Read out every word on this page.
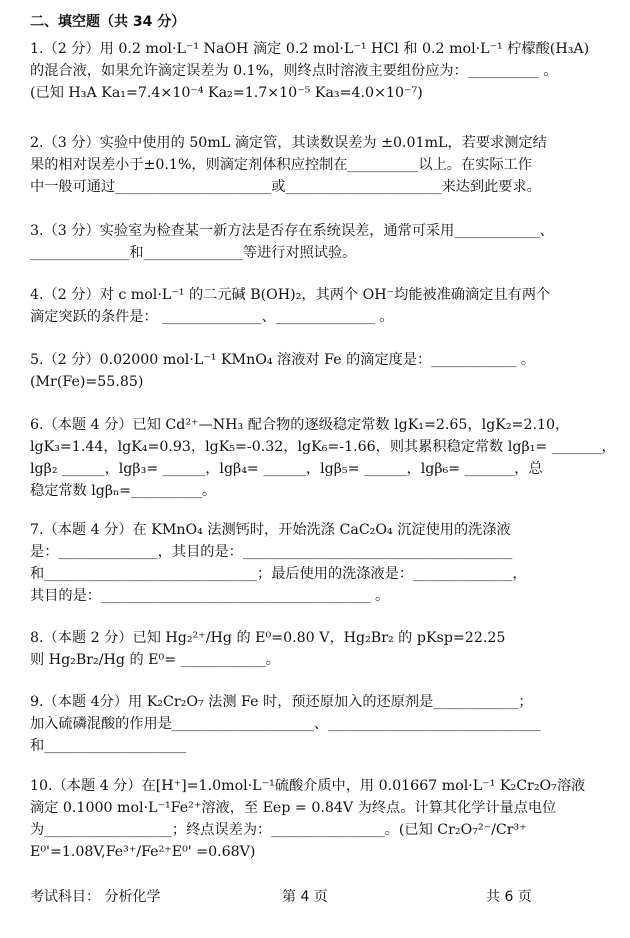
二、填空题（共 34 分）
1.（2 分）用 0.2 mol·L⁻¹ NaOH 滴定 0.2 mol·L⁻¹ HCl 和 0.2 mol·L⁻¹ 柠檬酸(H₃A)
的混合液，如果允许滴定误差为 0.1%，则终点时溶液主要组份应为：__________ 。
(已知 H₃A Ka₁=7.4×10⁻⁴ Ka₂=1.7×10⁻⁵ Ka₃=4.0×10⁻⁷)
2.（3 分）实验中使用的 50mL 滴定管，其读数误差为 ±0.01mL，若要求测定结
果的相对误差小于±0.1%，则滴定剂体积应控制在__________以上。在实际工作
中一般可通过______________________或______________________来达到此要求。
3.（3 分）实验室为检查某一新方法是否存在系统误差，通常可采用____________、
______________和______________等进行对照试验。
4.（2 分）对 c mol·L⁻¹ 的二元碱 B(OH)₂，其两个 OH⁻均能被准确滴定且有两个
滴定突跃的条件是： ______________、______________ 。
5.（2 分）0.02000 mol·L⁻¹ KMnO₄ 溶液对 Fe 的滴定度是：____________ 。
(Mr(Fe)=55.85)
6.（本题 4 分）已知 Cd²⁺—NH₃ 配合物的逐级稳定常数 lgK₁=2.65，lgK₂=2.10，
lgK₃=1.44，lgK₄=0.93，lgK₅=-0.32，lgK₆=-1.66，则其累积稳定常数 lgβ₁= _______，
lgβ₂ ______，lgβ₃= ______，lgβ₄= ______，lgβ₅= ______，lgβ₆= _______，总
稳定常数 lgβₙ=__________。
7.（本题 4 分）在 KMnO₄ 法测钙时，开始洗涤 CaC₂O₄ 沉淀使用的洗涤液
是：______________，其目的是：______________________________________
和______________________________；最后使用的洗涤液是：______________，
其目的是：______________________________________ 。
8.（本题 2 分）已知 Hg₂²⁺/Hg 的 E⁰=0.80 V，Hg₂Br₂ 的 pKsp=22.25
则 Hg₂Br₂/Hg 的 E⁰= ____________。
9.（本题 4分）用 K₂Cr₂O₇ 法测 Fe 时，预还原加入的还原剂是____________；
加入硫磷混酸的作用是____________________、______________________________
和____________________
10.（本题 4 分）在[H⁺]=1.0mol·L⁻¹硫酸介质中，用 0.01667 mol·L⁻¹ K₂Cr₂O₇溶液
滴定 0.1000 mol·L⁻¹Fe²⁺溶液，至 Eep = 0.84V 为终点。计算其化学计量点电位
为__________________；终点误差为：________________。(已知 Cr₂O₇²⁻/Cr³⁺
E⁰'=1.08V,Fe³⁺/Fe²⁺E⁰' =0.68V)
考试科目： 分析化学	第 4 页	共 6 页
